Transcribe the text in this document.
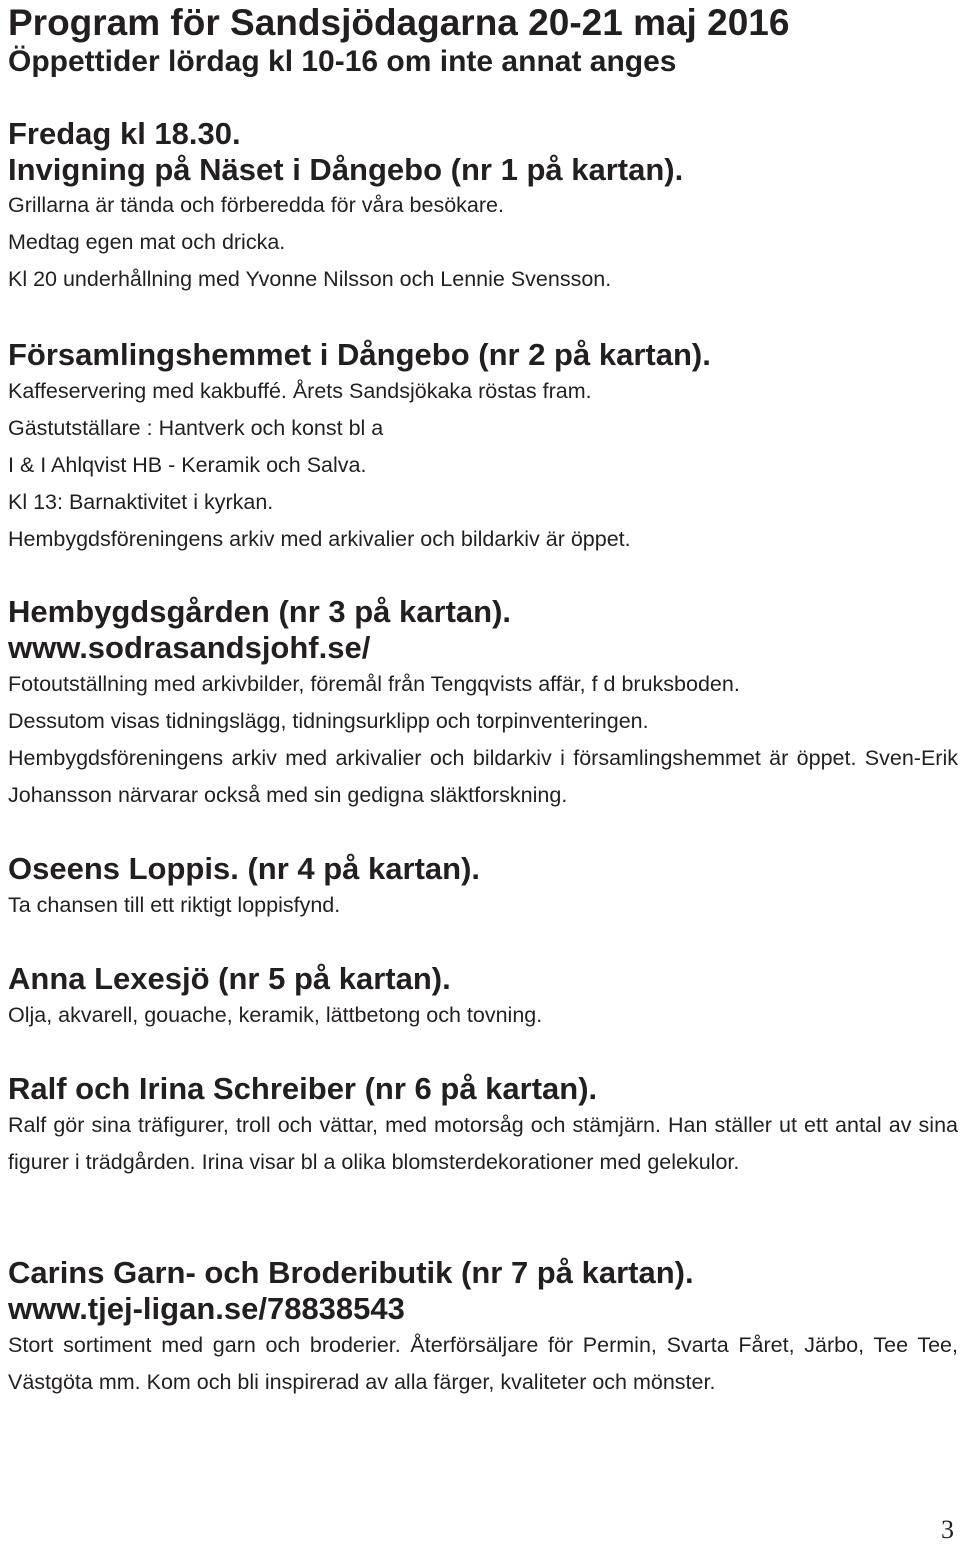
Program för Sandsjödagarna 20-21 maj 2016
Öppettider lördag kl 10-16 om inte annat anges
Fredag kl 18.30.
Invigning på Näset i Dångebo (nr 1 på kartan).
Grillarna är tända och förberedda för våra besökare.
Medtag egen mat och dricka.
Kl 20 underhållning med Yvonne Nilsson och Lennie Svensson.
Församlingshemmet i Dångebo (nr 2 på kartan).
Kaffeservering med kakbuffé. Årets Sandsjökaka röstas fram.
Gästutställare : Hantverk och konst bl a
I & I Ahlqvist HB - Keramik och Salva.
Kl 13: Barnaktivitet i kyrkan.
Hembygdsföreningens arkiv med arkivalier och bildarkiv är öppet.
Hembygdsgården (nr 3 på kartan).
www.sodrasandsjohf.se/
Fotoutställning med arkivbilder, föremål från Tengqvists affär, f d bruksboden.
Dessutom visas tidningslägg, tidningsurklipp och torpinventeringen.
Hembygdsföreningens arkiv med arkivalier och bildarkiv i församlingshemmet är öppet. Sven-Erik Johansson närvarar också med sin gedigna släktforskning.
Oseens Loppis. (nr 4 på kartan).
Ta chansen till ett riktigt loppisfynd.
Anna Lexesjö (nr 5 på kartan).
Olja, akvarell, gouache, keramik, lättbetong och tovning.
Ralf och Irina Schreiber (nr 6 på kartan).
Ralf gör sina träfigurer, troll och vättar, med motorsåg och stämjärn. Han ställer ut ett antal av sina figurer i trädgården. Irina visar bl a olika blomsterdekorationer med gelekulor.
Carins Garn- och Brodeributik (nr 7 på kartan).
www.tjej-ligan.se/78838543
Stort sortiment med garn och broderier. Återförsäljare för Permin, Svarta Fåret, Järbo, Tee Tee, Västgöta mm. Kom och bli inspirerad av alla färger, kvaliteter och mönster.
3
